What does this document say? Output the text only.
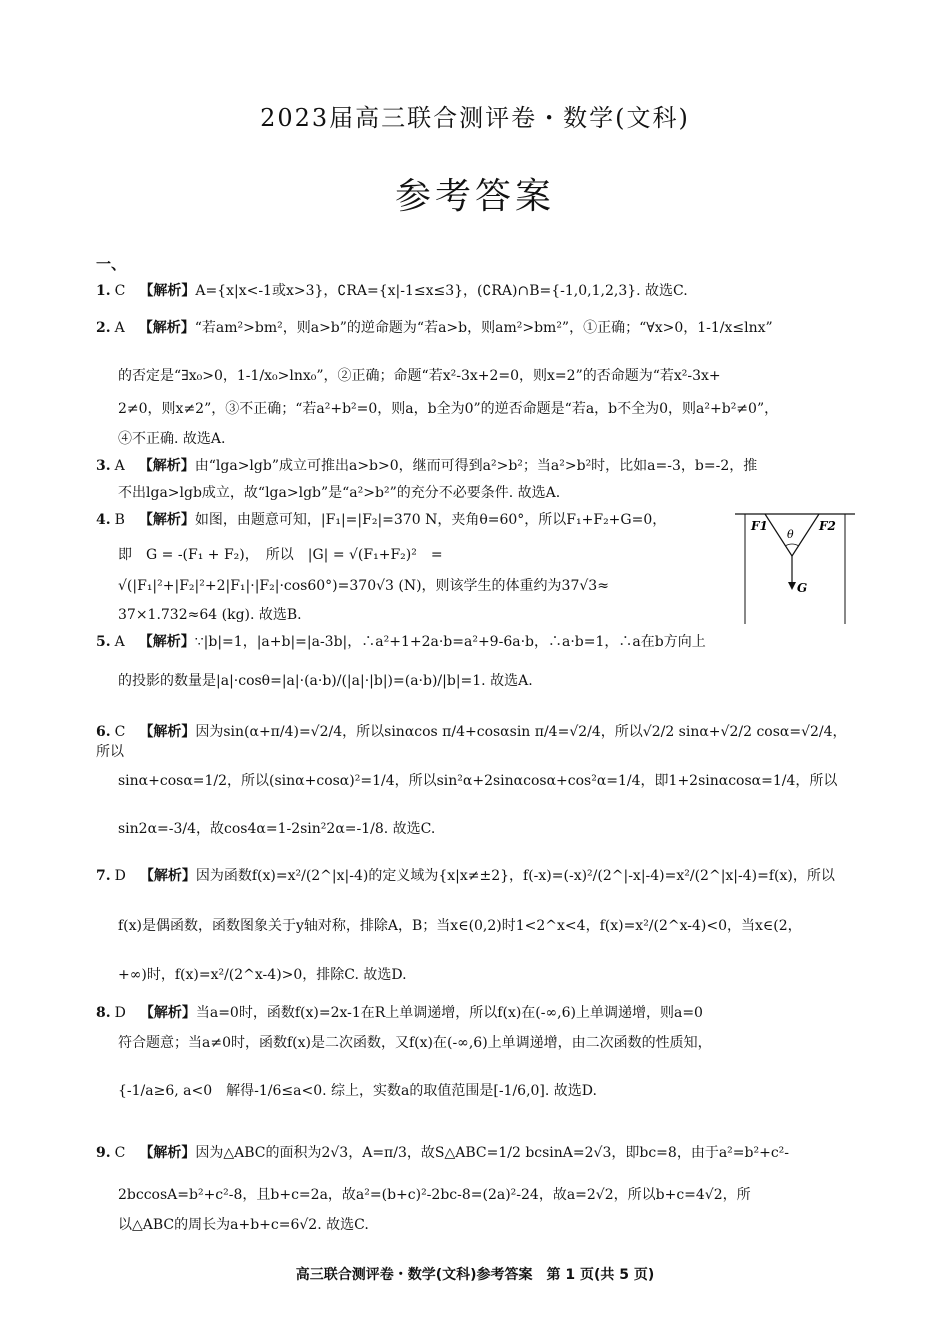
2023届高三联合测评卷・数学(文科)
参考答案
一、
1. C 【解析】A={x|x<-1或x>3}，∁RA={x|-1≤x≤3}，(∁RA)∩B={-1,0,1,2,3}. 故选C.
2. A 【解析】“若am²>bm²，则a>b”的逆命题为“若a>b，则am²>bm²”，①正确；“∀x>0，1-1/x≤lnx”
的否定是“∃x₀>0，1-1/x₀>lnx₀”，②正确；命题“若x²-3x+2=0，则x=2”的否命题为“若x²-3x+
2≠0，则x≠2”，③不正确；“若a²+b²=0，则a，b全为0”的逆否命题是“若a，b不全为0，则a²+b²≠0”，
④不正确. 故选A.
3. A 【解析】由“lga>lgb”成立可推出a>b>0，继而可得到a²>b²；当a²>b²时，比如a=-3，b=-2，推
不出lga>lgb成立，故“lga>lgb”是“a²>b²”的充分不必要条件. 故选A.
4. B 【解析】如图，由题意可知，|F₁|=|F₂|=370 N，夹角θ=60°，所以F₁+F₂+G=0，
即　G = -(F₁ + F₂)，　所以　|G| = √(F₁+F₂)²　=
√(|F₁|²+|F₂|²+2|F₁|·|F₂|·cos60°)=370√3 (N)，则该学生的体重约为37√3≈
37×1.732≈64 (kg). 故选B.
F1
θ
F2
G
5. A 【解析】∵|b|=1，|a+b|=|a-3b|，∴a²+1+2a·b=a²+9-6a·b，∴a·b=1，∴a在b方向上
的投影的数量是|a|·cosθ=|a|·(a·b)/(|a|·|b|)=(a·b)/|b|=1. 故选A.
6. C 【解析】因为sin(α+π/4)=√2/4，所以sinαcos π/4+cosαsin π/4=√2/4，所以√2/2 sinα+√2/2 cosα=√2/4，所以
sinα+cosα=1/2，所以(sinα+cosα)²=1/4，所以sin²α+2sinαcosα+cos²α=1/4，即1+2sinαcosα=1/4，所以
sin2α=-3/4，故cos4α=1-2sin²2α=-1/8. 故选C.
7. D 【解析】因为函数f(x)=x²/(2^|x|-4)的定义域为{x|x≠±2}，f(-x)=(-x)²/(2^|-x|-4)=x²/(2^|x|-4)=f(x)，所以
f(x)是偶函数，函数图象关于y轴对称，排除A，B；当x∈(0,2)时1<2^x<4，f(x)=x²/(2^x-4)<0，当x∈(2，
+∞)时，f(x)=x²/(2^x-4)>0，排除C. 故选D.
8. D 【解析】当a=0时，函数f(x)=2x-1在R上单调递增，所以f(x)在(-∞,6)上单调递增，则a=0
符合题意；当a≠0时，函数f(x)是二次函数，又f(x)在(-∞,6)上单调递增，由二次函数的性质知，
{-1/a≥6, a<0　解得-1/6≤a<0. 综上，实数a的取值范围是[-1/6,0]. 故选D.
9. C 【解析】因为△ABC的面积为2√3，A=π/3，故S△ABC=1/2 bcsinA=2√3，即bc=8，由于a²=b²+c²-
2bccosA=b²+c²-8，且b+c=2a，故a²=(b+c)²-2bc-8=(2a)²-24，故a=2√2，所以b+c=4√2，所
以△ABC的周长为a+b+c=6√2. 故选C.
高三联合测评卷・数学(文科)参考答案　第 1 页(共 5 页)
